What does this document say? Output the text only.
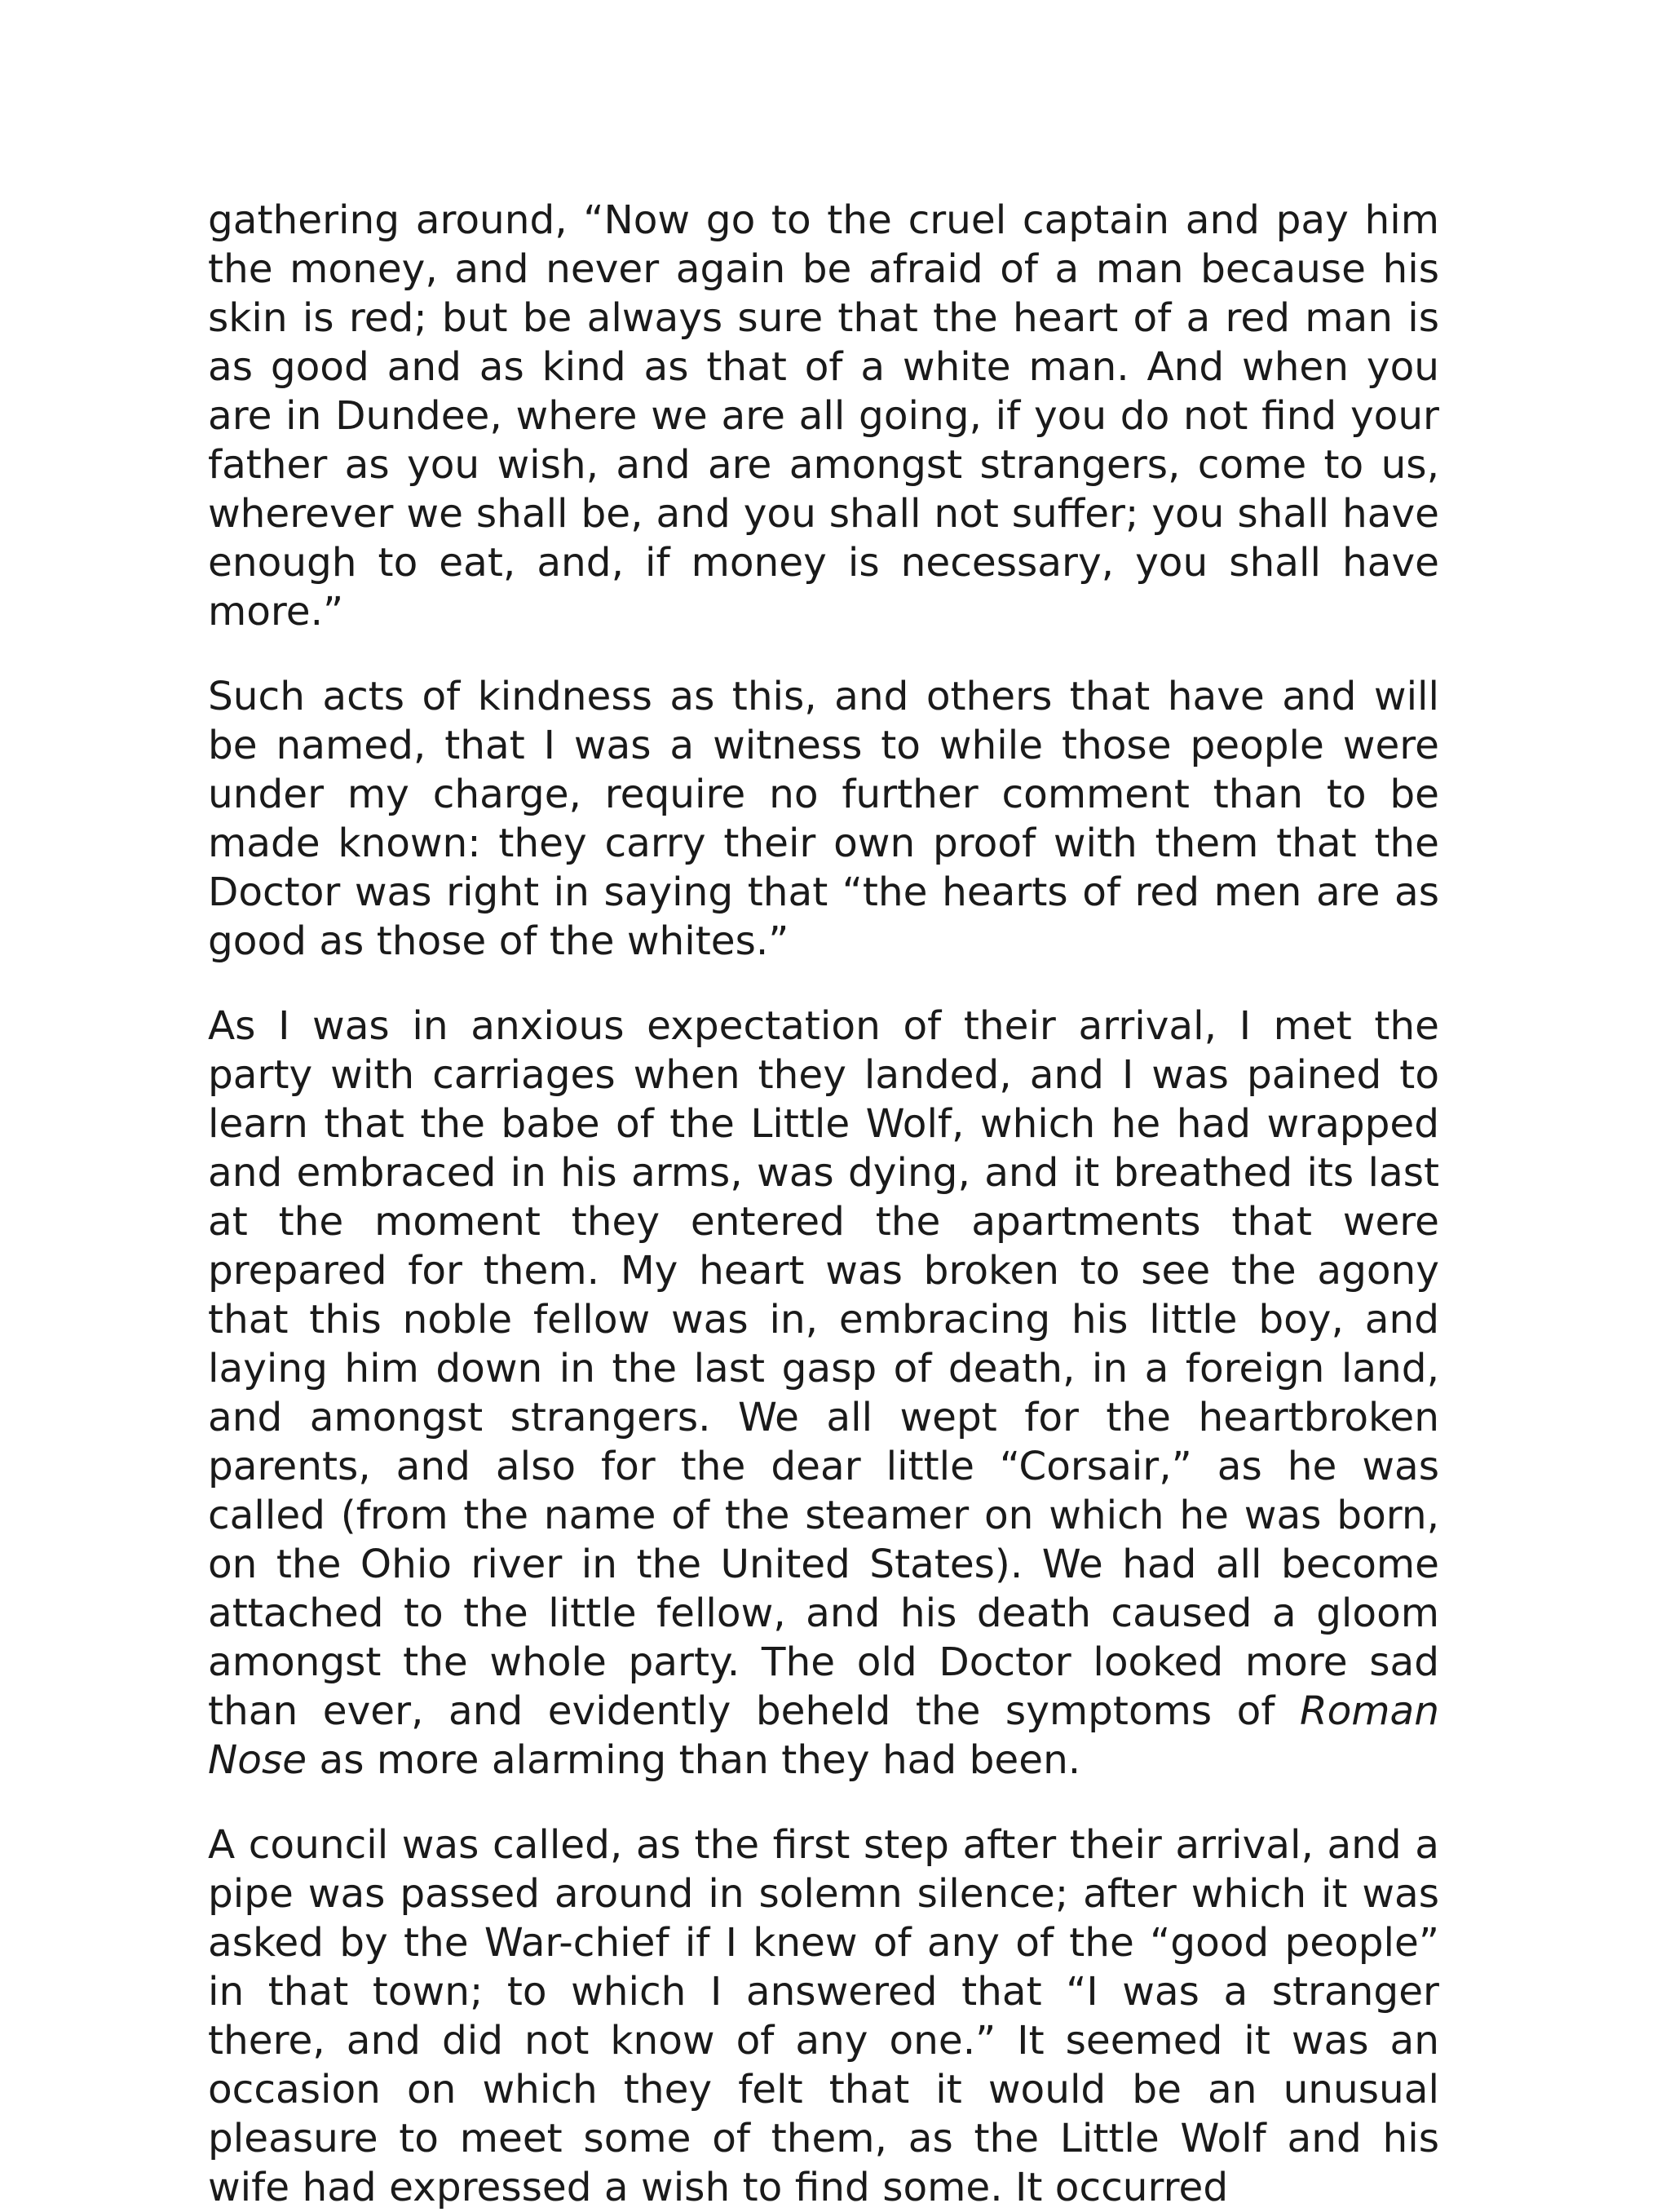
gathering around, “Now go to the cruel captain and pay him the money, and never again be afraid of a man because his skin is red; but be always sure that the heart of a red man is as good and as kind as that of a white man. And when you are in Dundee, where we are all going, if you do not find your father as you wish, and are amongst strangers, come to us, wherever we shall be, and you shall not suffer; you shall have enough to eat, and, if money is necessary, you shall have more.”

Such acts of kindness as this, and others that have and will be named, that I was a witness to while those people were under my charge, require no further comment than to be made known: they carry their own proof with them that the Doctor was right in saying that “the hearts of red men are as good as those of the whites.”

As I was in anxious expectation of their arrival, I met the party with carriages when they landed, and I was pained to learn that the babe of the Little Wolf, which he had wrapped and embraced in his arms, was dying, and it breathed its last at the moment they entered the apartments that were prepared for them. My heart was broken to see the agony that this noble fellow was in, embracing his little boy, and laying him down in the last gasp of death, in a foreign land, and amongst strangers. We all wept for the heartbroken parents, and also for the dear little “Corsair,” as he was called (from the name of the steamer on which he was born, on the Ohio river in the United States). We had all become attached to the little fellow, and his death caused a gloom amongst the whole party. The old Doctor looked more sad than ever, and evidently beheld the symptoms of Roman Nose as more alarming than they had been.

A council was called, as the first step after their arrival, and a pipe was passed around in solemn silence; after which it was asked by the War-chief if I knew of any of the “good people” in that town; to which I answered that “I was a stranger there, and did not know of any one.” It seemed it was an occasion on which they felt that it would be an unusual pleasure to meet some of them, as the Little Wolf and his wife had expressed a wish to find some. It occurred
